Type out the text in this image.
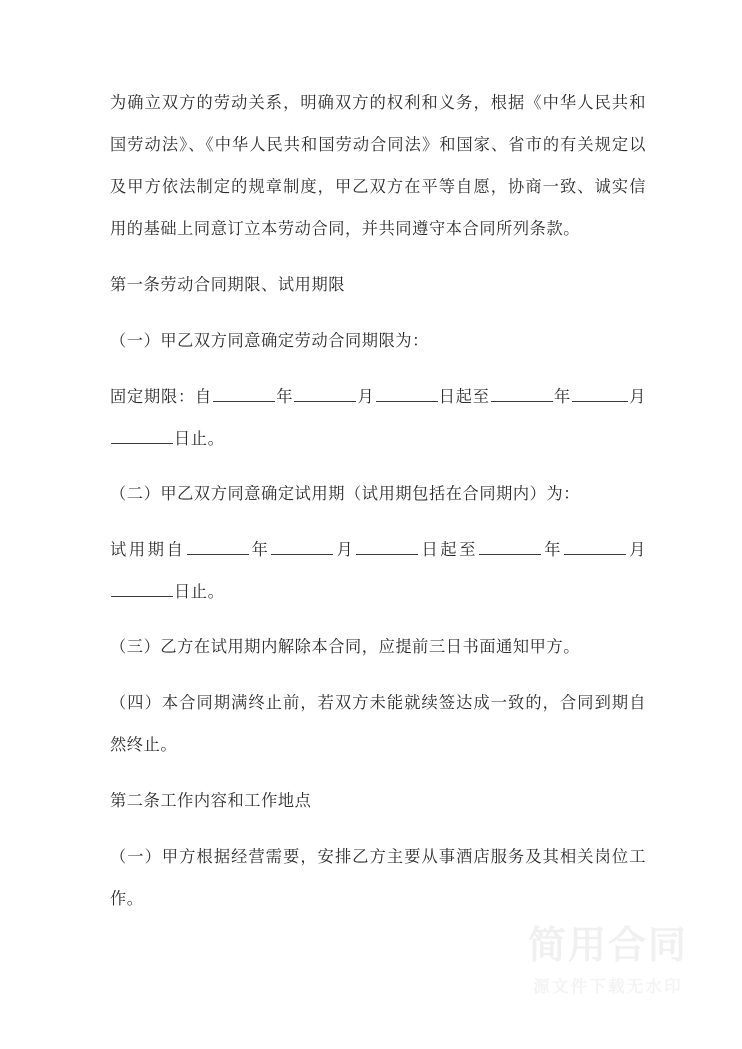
为确立双方的劳动关系，明确双方的权利和义务，根据《中华人民共和国劳动法》、《中华人民共和国劳动合同法》和国家、省市的有关规定以及甲方依法制定的规章制度，甲乙双方在平等自愿，协商一致、诚实信用的基础上同意订立本劳动合同，并共同遵守本合同所列条款。

第一条劳动合同期限、试用期限

（一）甲乙双方同意确定劳动合同期限为：

固定期限：自	年	月	日起至	年	月日止。

（二）甲乙双方同意确定试用期（试用期包括在合同期内）为：

试用期自	年	月	日起至	年	月日止。

（三）乙方在试用期内解除本合同，应提前三日书面通知甲方。

（四）本合同期满终止前，若双方未能就续签达成一致的，合同到期自然终止。

第二条工作内容和工作地点

（一）甲方根据经营需要，安排乙方主要从事酒店服务及其相关岗位工作。

简用合同
源文件下载无水印
